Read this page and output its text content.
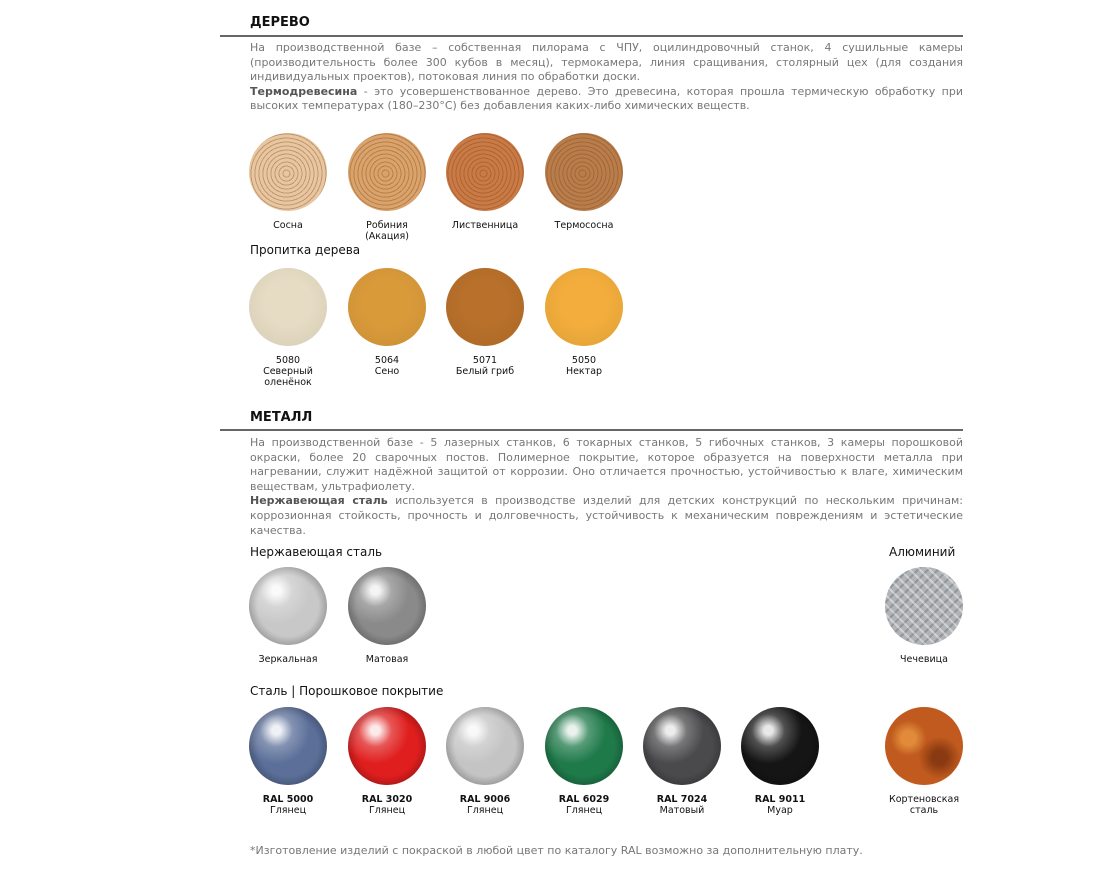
ДЕРЕВО
На производственной базе – собственная пилорама с ЧПУ, оцилиндровочный станок, 4 сушильные камеры (производительность более 300 кубов в месяц), термокамера, линия сращивания, столярный цех (для создания индивидуальных проектов), потоковая линия по обработки доски.
Термодревесина - это усовершенствованное дерево. Это древесина, которая прошла термическую обработку при высоких температурах (180–230°C) без добавления каких-либо химических веществ.
Пропитка дерева
МЕТАЛЛ
На производственной базе - 5 лазерных станков, 6 токарных станков, 5 гибочных станков, 3 камеры порошковой окраски, более 20 сварочных постов. Полимерное покрытие, которое образуется на поверхности металла при нагревании, служит надёжной защитой от коррозии. Оно отличается прочностью, устойчивостью к влаге, химическим веществам, ультрафиолету.
Нержавеющая сталь используется в производстве изделий для детских конструкций по нескольким причинам: коррозионная стойкость, прочность и долговечность, устойчивость к механическим повреждениям и эстетические качества.
Нержавеющая сталь	Алюминий
Сталь | Порошковое покрытие
*Изготовление изделий с покраской в любой цвет по каталогу RAL возможно за дополнительную плату.
Сосна	Робиния (Акация)
Лиственница	Термососна
5080
Северный оленёнок
5064
Сено
5071
Белый гриб
5050
Нектар
Зеркальная	Матовая	Чечевица
RAL 5000
Глянец
RAL 3020
Глянец
RAL 9006
Глянец
RAL 6029
Глянец
RAL 7024
Матовый
RAL 9011
Муар
Кортеновская сталь
